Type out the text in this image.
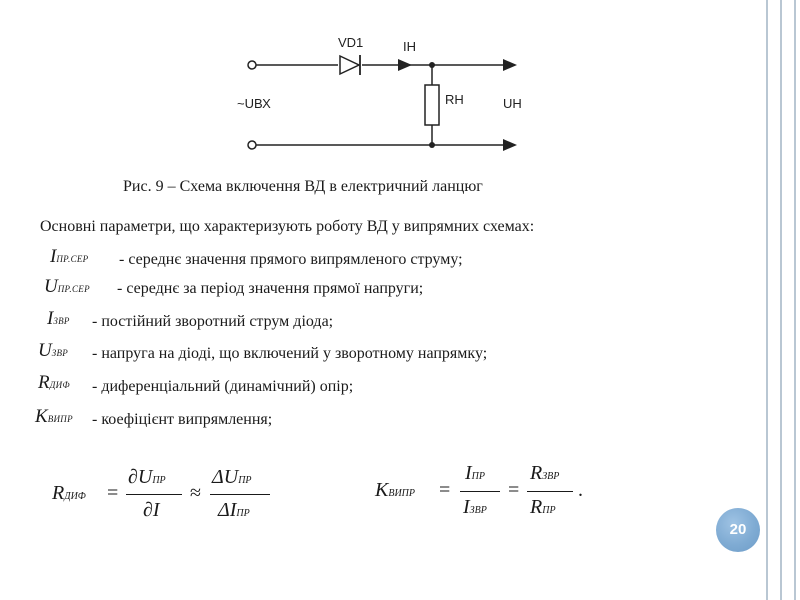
VD1	IН
RН
~UВХ	UН
Рис. 9 – Схема включення ВД в електричний ланцюг
Основні параметри, що характеризують роботу ВД у випрямних схемах:
IПР.СЕР - середнє значення прямого випрямленого струму;
UПР.СЕР - середнє за період значення прямої напруги;
IЗВР - постійний зворотний струм діода;
UЗВР - напруга на діоді, що включений у зворотному напрямку;
RДИФ - диференціальний (динамічний) опір;
KВИПР - коефіцієнт випрямлення;
RДИФ =
∂UПР
∂I
≈
ΔUПР
ΔIПР
KВИПР =
IПР
IЗВР
=
RЗВР
RПР
.
20
